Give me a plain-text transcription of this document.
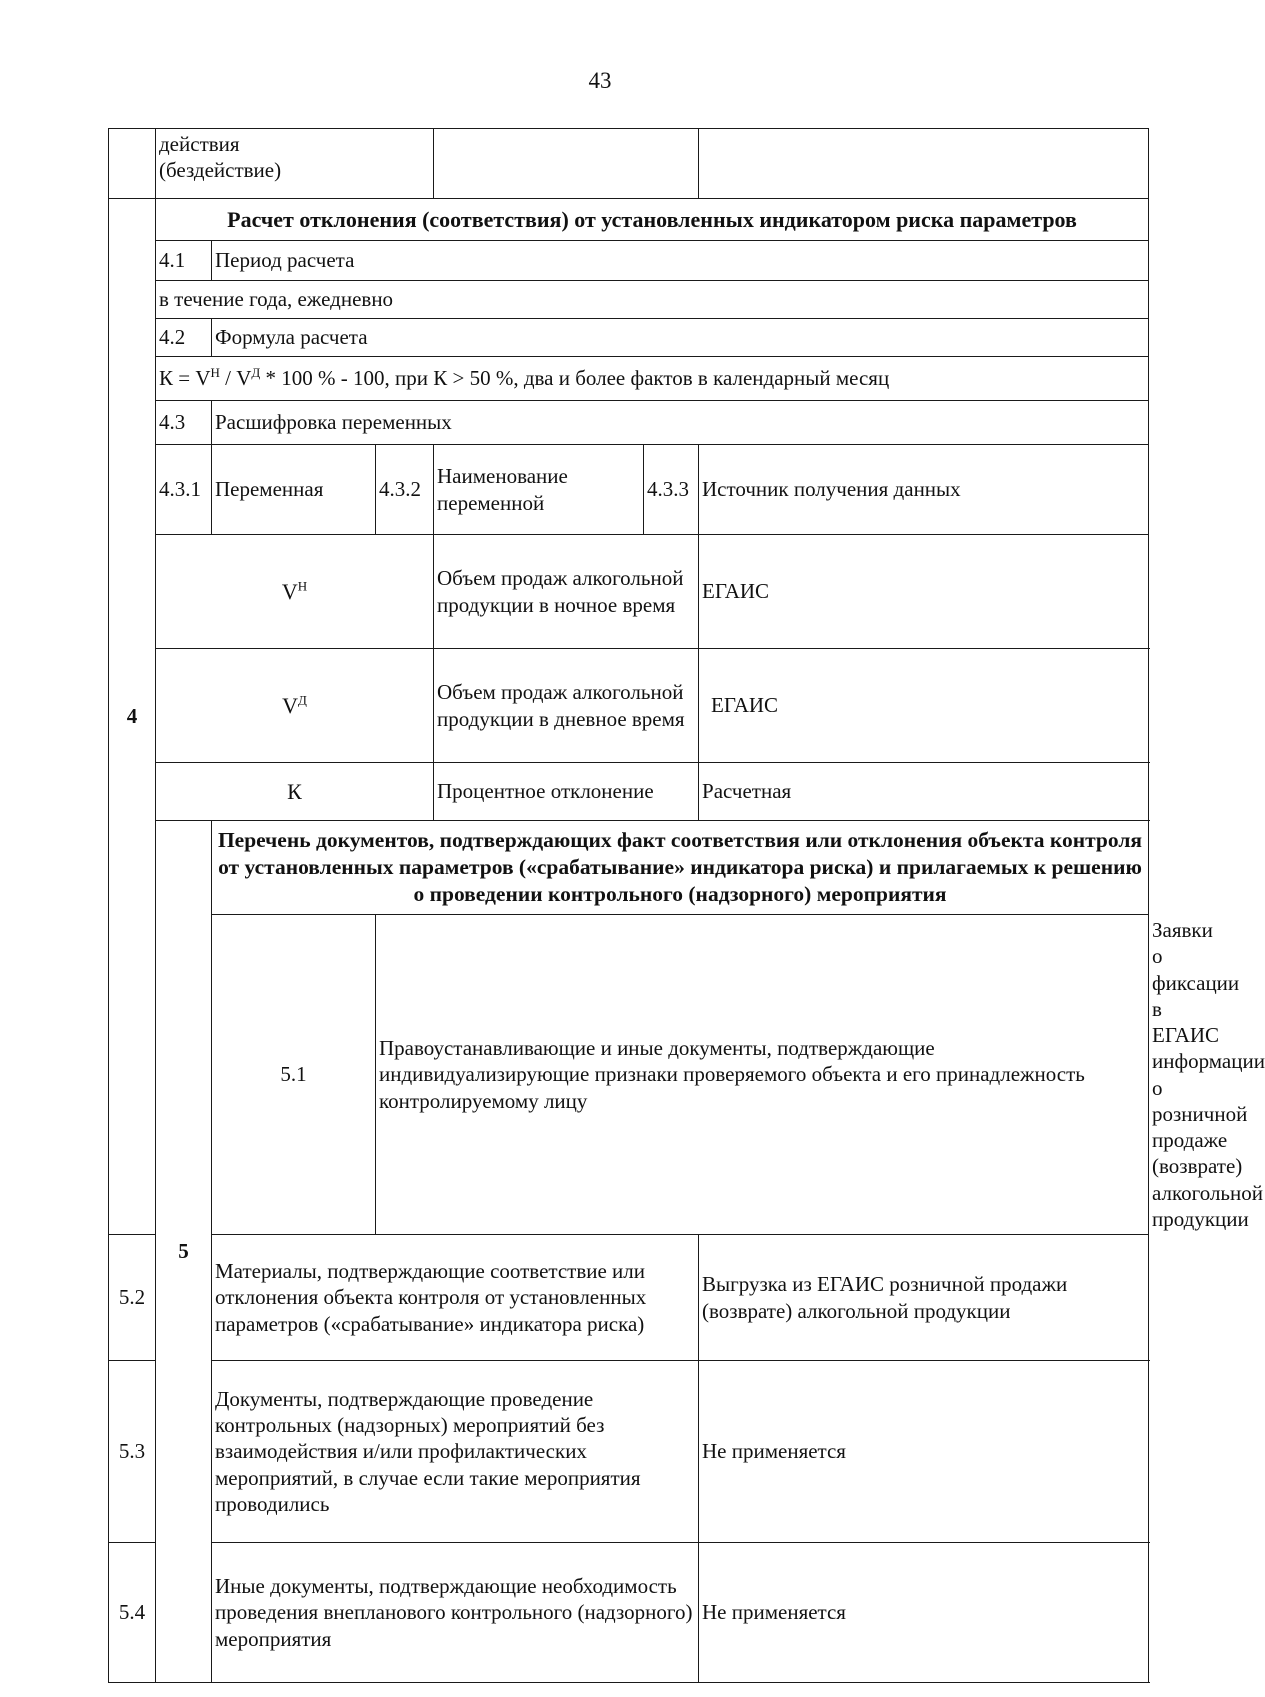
43

	действия
(бездействие)						

4	Расчет отклонения (соответствия) от установленных индикатором риска параметров						
	4.1	Период расчета					
	в течение года, ежедневно						
	4.2	Формула расчета					
	$К = V^Н / V^Д * 100$ % - 100, при К > 50 %, два и более фактов в календарный месяц						
	4.3	Расшифровка переменных					
	4.3.1	Переменная	4.3.2	Наименование переменной	4.3.3	Источник получения данных	
	$V^Н$			Объем продаж алкогольной продукции в ночное время		ЕГАИС	
	$V^Д$			Объем продаж алкогольной продукции в дневное время		ЕГАИС	
	К			Процентное отклонение		Расчетная	
	5	Перечень документов, подтверждающих факт соответствия или отклонения объекта контроля от установленных параметров («срабатывание» индикатора риска) и прилагаемых к решению о проведении контрольного (надзорного) мероприятия					
		5.1	Правоустанавливающие и иные документы, подтверждающие индивидуализирующие признаки проверяемого объекта и его принадлежность контролируемому лицу				Заявки о фиксации в ЕГАИС информации о розничной продаже (возврате) алкогольной продукции
5.2		Материалы, подтверждающие соответствие или отклонения объекта контроля от установленных параметров («срабатывание» индикатора риска)				Выгрузка из ЕГАИС розничной продажи (возврате) алкогольной продукции	
5.3		Документы, подтверждающие проведение контрольных (надзорных) мероприятий без взаимодействия и/или профилактических мероприятий, в случае если такие мероприятия проводились				Не применяется	
5.4		Иные документы, подтверждающие необходимость проведения внепланового контрольного (надзорного) мероприятия				Не применяется	
